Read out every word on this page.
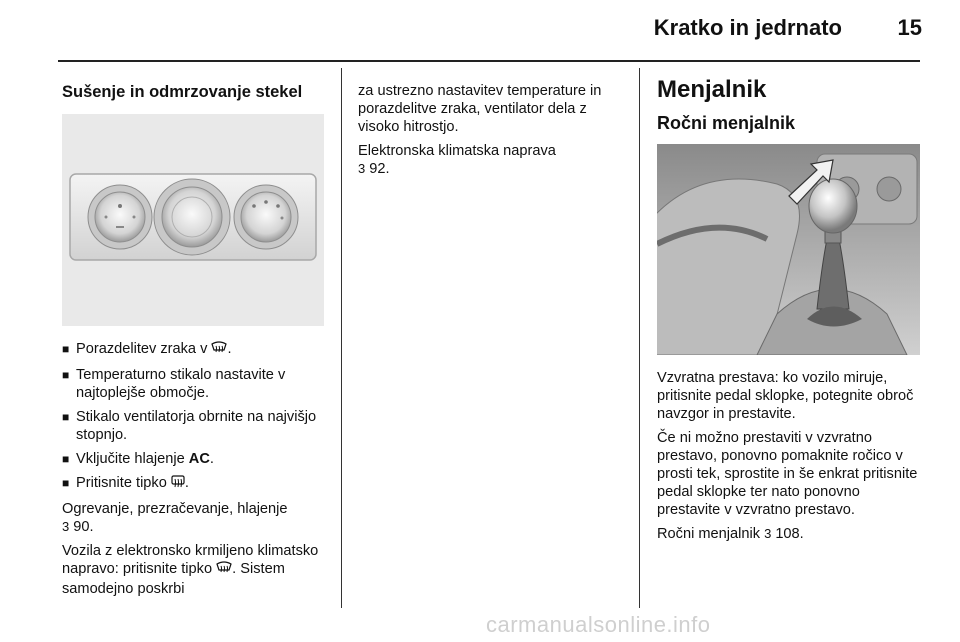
Kratko in jedrnato	15
Sušenje in odmrzovanje stekel
■ Porazdelitev zraka v .
■ Temperaturno stikalo nastavite v najtoplejše območje.
■ Stikalo ventilatorja obrnite na najvišjo stopnjo.
■ Vključite hlajenje AC.
■ Pritisnite tipko .

Ogrevanje, prezračevanje, hlajenje
3 90.

Vozila z elektronsko krmiljeno klimatsko napravo: pritisnite tipko . Sistem samodejno poskrbi

za ustrezno nastavitev temperature in porazdelitve zraka, ventilator dela z visoko hitrostjo.

Elektronska klimatska naprava
3 92.

Menjalnik
Ročni menjalnik

Vzvratna prestava: ko vozilo miruje, pritisnite pedal sklopke, potegnite obroč navzgor in prestavite.

Če ni možno prestaviti v vzvratno prestavo, ponovno pomaknite ročico v prosti tek, sprostite in še enkrat pritisnite pedal sklopke ter nato ponovno prestavite v vzvratno prestavo.

Ročni menjalnik 3 108.

carmanualsonline.info
